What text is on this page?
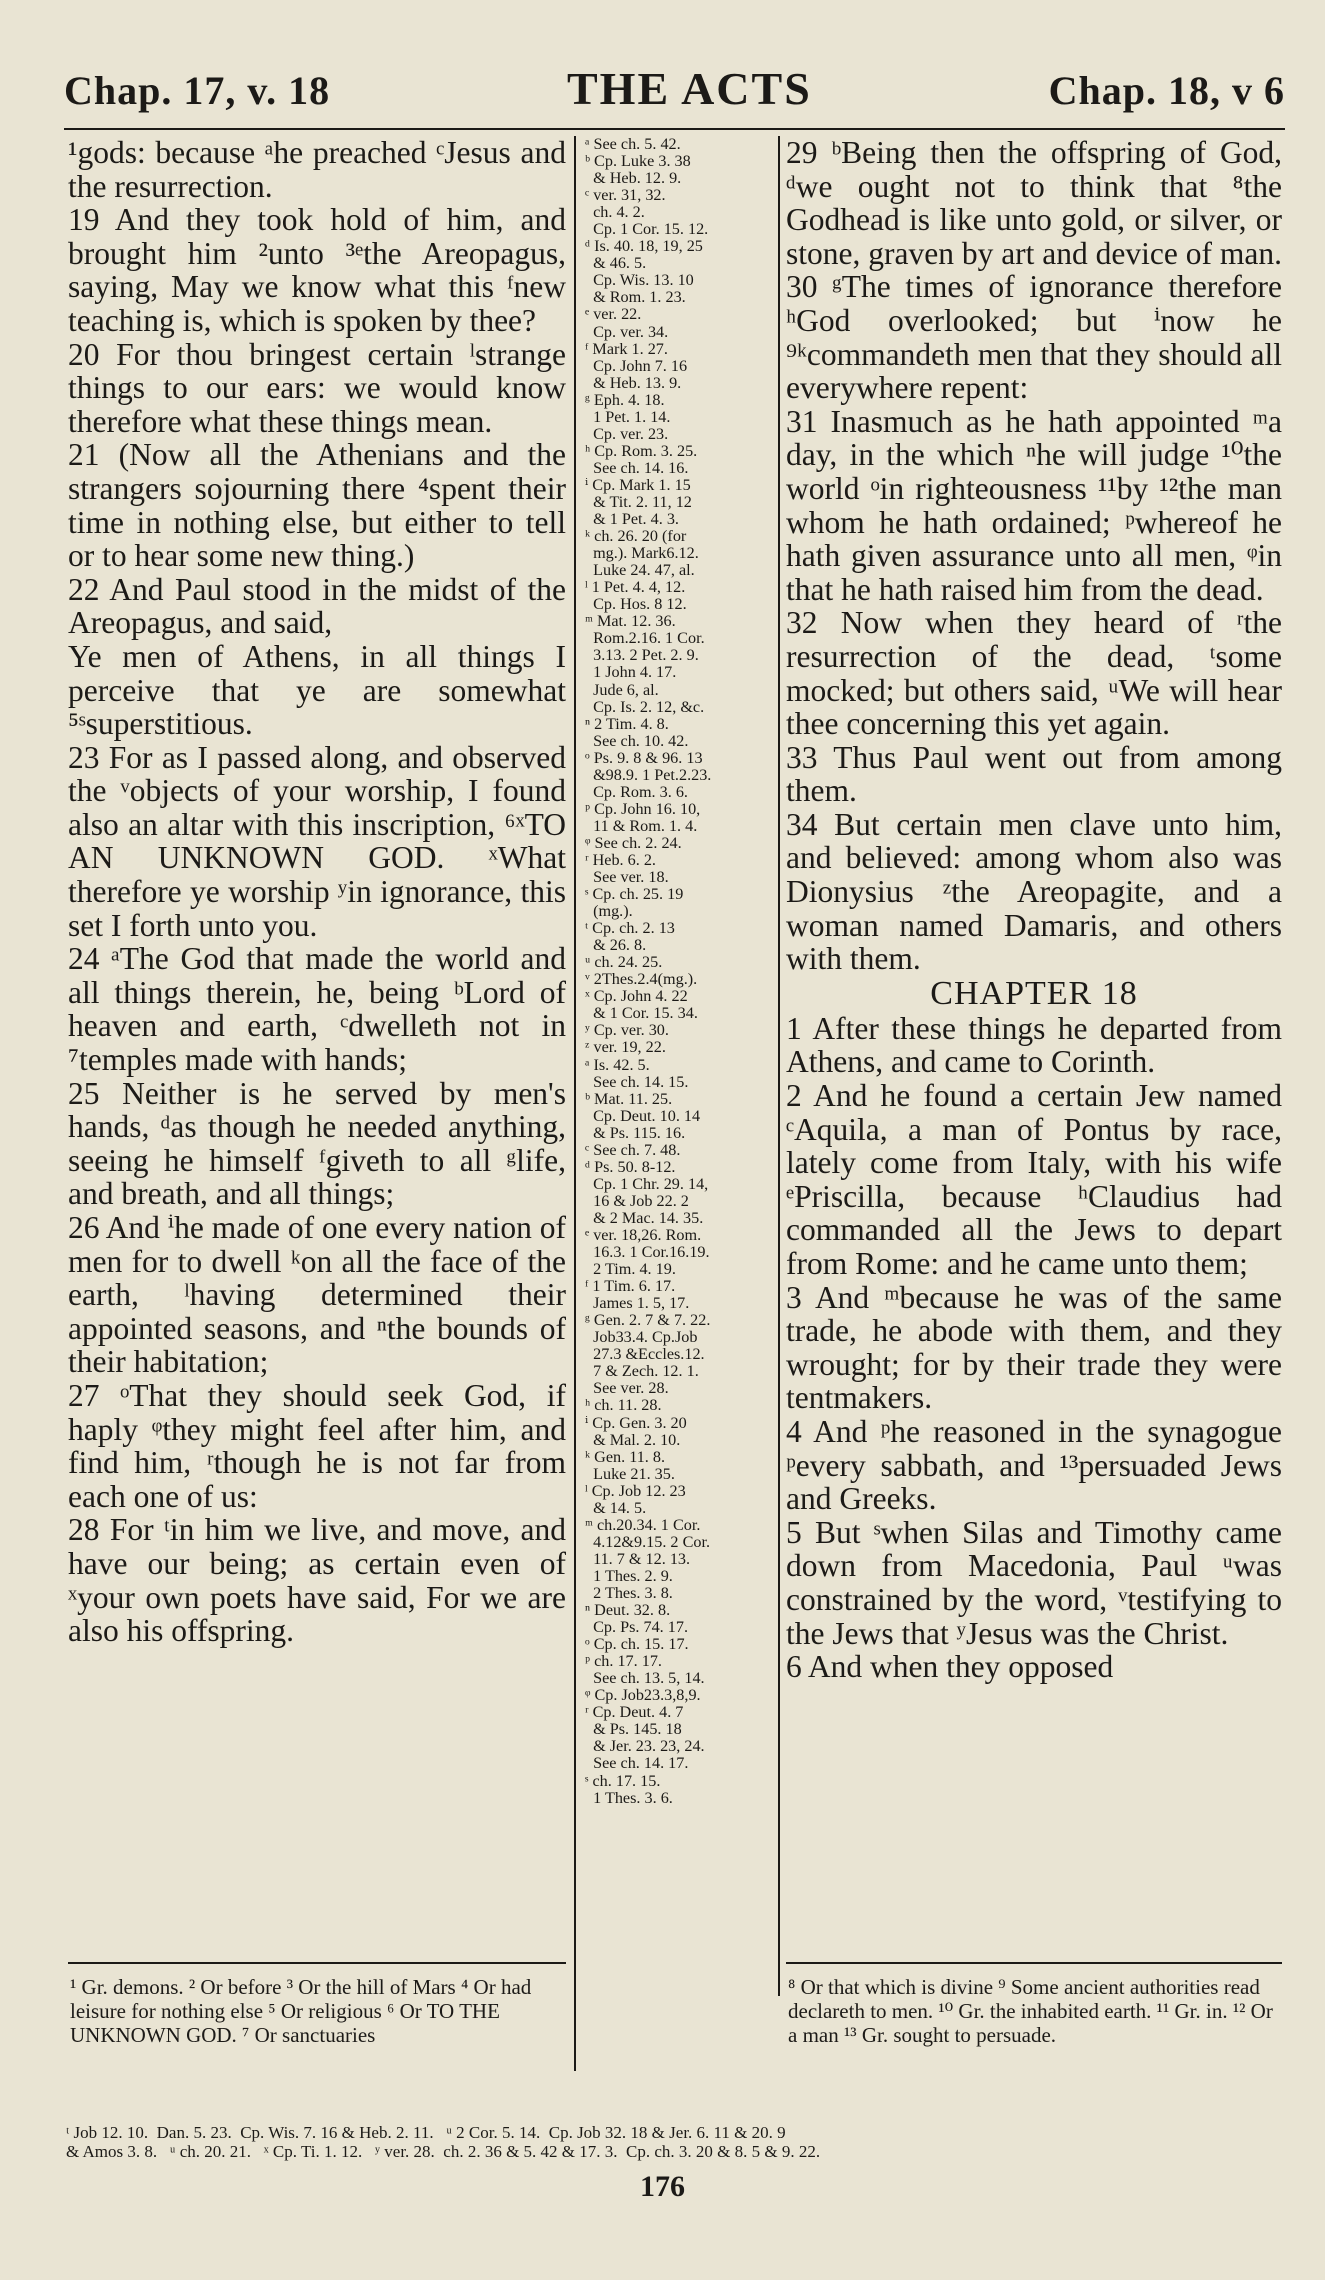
Chap. 17, v. 18	THE ACTS	Chap. 18, v 6

¹gods: because ᵃhe preached ᶜJesus and the resurrection.

19 And they took hold of him, and brought him ²unto ³ᵉthe Areopagus, saying, May we know what this ᶠnew teaching is, which is spoken by thee?

20 For thou bringest certain ˡstrange things to our ears: we would know therefore what these things mean.

21 (Now all the Athenians and the strangers sojourning there ⁴spent their time in nothing else, but either to tell or to hear some new thing.)

22 And Paul stood in the midst of the Areopagus, and said,

Ye men of Athens, in all things I perceive that ye are somewhat ⁵ˢsuperstitious.

23 For as I passed along, and observed the ᵛobjects of your worship, I found also an altar with this inscription, ⁶ˣTO AN UNKNOWN GOD. ˣWhat therefore ye worship ʸin ignorance, this set I forth unto you.

24 ᵃThe God that made the world and all things therein, he, being ᵇLord of heaven and earth, ᶜdwelleth not in ⁷temples made with hands;

25 Neither is he served by men's hands, ᵈas though he needed anything, seeing he himself ᶠgiveth to all ᵍlife, and breath, and all things;

26 And ⁱhe made of one every nation of men for to dwell ᵏon all the face of the earth, ˡhaving determined their appointed seasons, and ⁿthe bounds of their habitation;

27 ᵒThat they should seek God, if haply ᵠthey might feel after him, and find him, ʳthough he is not far from each one of us:

28 For ᵗin him we live, and move, and have our being; as certain even of ˣyour own poets have said, For we are also his offspring.

ᵃ See ch. 5. 42.
ᵇ Cp. Luke 3. 38
& Heb. 12. 9.
ᶜ ver. 31, 32.
ch. 4. 2.
Cp. 1 Cor. 15. 12.
ᵈ Is. 40. 18, 19, 25
& 46. 5.
Cp. Wis. 13. 10
& Rom. 1. 23.
ᵉ ver. 22.
Cp. ver. 34.
ᶠ Mark 1. 27.
Cp. John 7. 16
& Heb. 13. 9.
ᵍ Eph. 4. 18.
1 Pet. 1. 14.
Cp. ver. 23.
ʰ Cp. Rom. 3. 25.
See ch. 14. 16.
ⁱ Cp. Mark 1. 15
& Tit. 2. 11, 12
& 1 Pet. 4. 3.
ᵏ ch. 26. 20 (for
mg.). Mark6.12.
Luke 24. 47, al.
ˡ 1 Pet. 4. 4, 12.
Cp. Hos. 8 12.
ᵐ Mat. 12. 36.
Rom.2.16. 1 Cor.
3.13. 2 Pet. 2. 9.
1 John 4. 17.
Jude 6, al.
Cp. Is. 2. 12, &c.
ⁿ 2 Tim. 4. 8.
See ch. 10. 42.
ᵒ Ps. 9. 8 & 96. 13
&98.9. 1 Pet.2.23.
Cp. Rom. 3. 6.
ᵖ Cp. John 16. 10,
11 & Rom. 1. 4.
ᵠ See ch. 2. 24.
ʳ Heb. 6. 2.
See ver. 18.
ˢ Cp. ch. 25. 19
(mg.).
ᵗ Cp. ch. 2. 13
& 26. 8.
ᵘ ch. 24. 25.
ᵛ 2Thes.2.4(mg.).
ˣ Cp. John 4. 22
& 1 Cor. 15. 34.
ʸ Cp. ver. 30.
ᶻ ver. 19, 22.
ᵃ Is. 42. 5.
See ch. 14. 15.
ᵇ Mat. 11. 25.
Cp. Deut. 10. 14
& Ps. 115. 16.
ᶜ See ch. 7. 48.
ᵈ Ps. 50. 8-12.
Cp. 1 Chr. 29. 14,
16 & Job 22. 2
& 2 Mac. 14. 35.
ᵉ ver. 18,26. Rom.
16.3. 1 Cor.16.19.
2 Tim. 4. 19.
ᶠ 1 Tim. 6. 17.
James 1. 5, 17.
ᵍ Gen. 2. 7 & 7. 22.
Job33.4. Cp.Job
27.3 &Eccles.12.
7 & Zech. 12. 1.
See ver. 28.
ʰ ch. 11. 28.
ⁱ Cp. Gen. 3. 20
& Mal. 2. 10.
ᵏ Gen. 11. 8.
Luke 21. 35.
ˡ Cp. Job 12. 23
& 14. 5.
ᵐ ch.20.34. 1 Cor.
4.12&9.15. 2 Cor.
11. 7 & 12. 13.
1 Thes. 2. 9.
2 Thes. 3. 8.
ⁿ Deut. 32. 8.
Cp. Ps. 74. 17.
ᵒ Cp. ch. 15. 17.
ᵖ ch. 17. 17.
See ch. 13. 5, 14.
ᵠ Cp. Job23.3,8,9.
ʳ Cp. Deut. 4. 7
& Ps. 145. 18
& Jer. 23. 23, 24.
See ch. 14. 17.
ˢ ch. 17. 15.
1 Thes. 3. 6.

29 ᵇBeing then the offspring of God, ᵈwe ought not to think that ⁸the Godhead is like unto gold, or silver, or stone, graven by art and device of man.

30 ᵍThe times of ignorance therefore ʰGod overlooked; but ⁱnow he ⁹ᵏcommandeth men that they should all everywhere repent:

31 Inasmuch as he hath appointed ᵐa day, in the which ⁿhe will judge ¹⁰the world ᵒin righteousness ¹¹by ¹²the man whom he hath ordained; ᵖwhereof he hath given assurance unto all men, ᵠin that he hath raised him from the dead.

32 Now when they heard of ʳthe resurrection of the dead, ᵗsome mocked; but others said, ᵘWe will hear thee concerning this yet again.

33 Thus Paul went out from among them.

34 But certain men clave unto him, and believed: among whom also was Dionysius ᶻthe Areopagite, and a woman named Damaris, and others with them.

CHAPTER 18

1 After these things he departed from Athens, and came to Corinth.

2 And he found a certain Jew named ᶜAquila, a man of Pontus by race, lately come from Italy, with his wife ᵉPriscilla, because ʰClaudius had commanded all the Jews to depart from Rome: and he came unto them;

3 And ᵐbecause he was of the same trade, he abode with them, and they wrought; for by their trade they were tentmakers.

4 And ᵖhe reasoned in the synagogue ᵖevery sabbath, and ¹³persuaded Jews and Greeks.

5 But ˢwhen Silas and Timothy came down from Macedonia, Paul ᵘwas constrained by the word, ᵛtestifying to the Jews that ʸJesus was the Christ.

6 And when they opposed

¹ Gr. demons. ² Or before ³ Or the hill of Mars ⁴ Or had leisure for nothing else ⁵ Or religious ⁶ Or TO THE UNKNOWN GOD. ⁷ Or sanctuaries

⁸ Or that which is divine ⁹ Some ancient authorities read declareth to men. ¹⁰ Gr. the inhabited earth. ¹¹ Gr. in. ¹² Or a man ¹³ Gr. sought to persuade.

ᵗ Job 12. 10.  Dan. 5. 23.  Cp. Wis. 7. 16 & Heb. 2. 11.   ᵘ 2 Cor. 5. 14.  Cp. Job 32. 18 & Jer. 6. 11 & 20. 9
& Amos 3. 8.   ᵘ ch. 20. 21.   ˣ Cp. Ti. 1. 12.   ʸ ver. 28.  ch. 2. 36 & 5. 42 & 17. 3.  Cp. ch. 3. 20 & 8. 5 & 9. 22.

176
